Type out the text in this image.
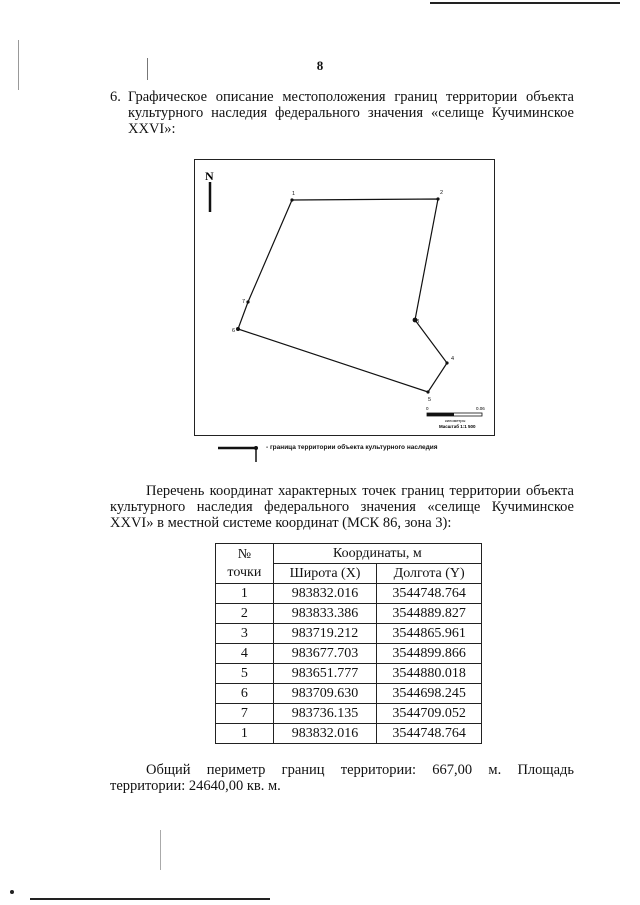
8
6. Графическое описание местоположения границ территории объекта культурного наследия федерального значения «селище Кучиминское XXVI»:
N
1	2
3
4
5
6
7
0	0.06
километры
Масштаб 1:1 500
- граница территории объекта культурного наследия
Перечень координат характерных точек границ территории объекта культурного наследия федерального значения «селище Кучиминское XXVI» в местной системе координат (МСК 86, зона 3):
№
точки	Координаты, м	
	Широта (X)	Долгота (Y)
1	983832.016	3544748.764
2	983833.386	3544889.827
3	983719.212	3544865.961
4	983677.703	3544899.866
5	983651.777	3544880.018
6	983709.630	3544698.245
7	983736.135	3544709.052
1	983832.016	3544748.764
Общий периметр границ территории: 667,00 м. Площадь территории: 24640,00 кв. м.
